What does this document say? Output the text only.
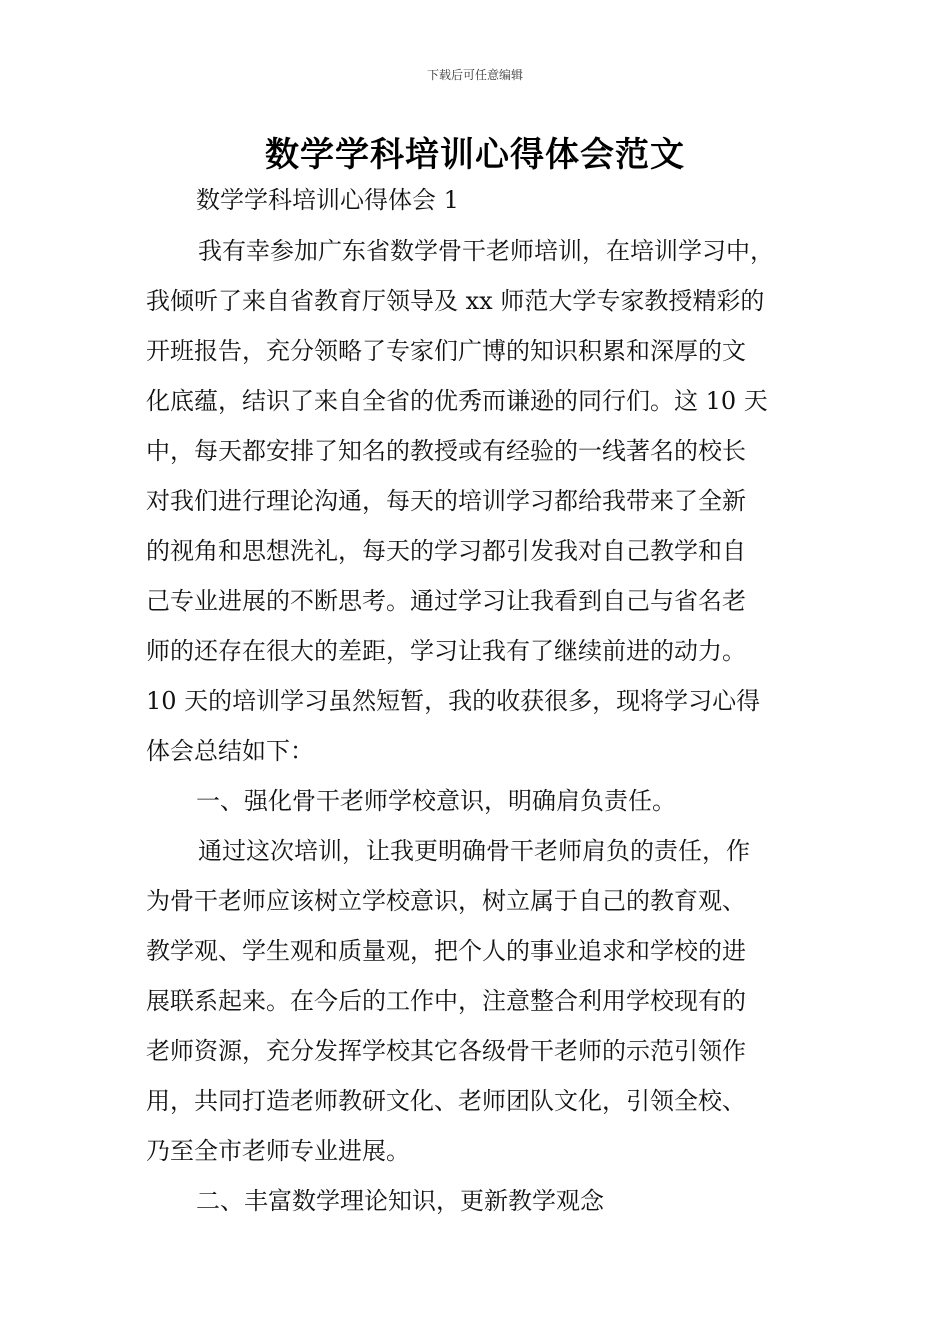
下载后可任意编辑
数学学科培训心得体会范文
数学学科培训心得体会 1
我有幸参加广东省数学骨干老师培训，在培训学习中，
我倾听了来自省教育厅领导及 xx 师范大学专家教授精彩的
开班报告，充分领略了专家们广博的知识积累和深厚的文
化底蕴，结识了来自全省的优秀而谦逊的同行们。这 10 天
中，每天都安排了知名的教授或有经验的一线著名的校长
对我们进行理论沟通，每天的培训学习都给我带来了全新
的视角和思想洗礼，每天的学习都引发我对自己教学和自
己专业进展的不断思考。通过学习让我看到自己与省名老
师的还存在很大的差距，学习让我有了继续前进的动力。
10 天的培训学习虽然短暂，我的收获很多，现将学习心得
体会总结如下：
一、强化骨干老师学校意识，明确肩负责任。
通过这次培训，让我更明确骨干老师肩负的责任，作
为骨干老师应该树立学校意识，树立属于自己的教育观、
教学观、学生观和质量观，把个人的事业追求和学校的进
展联系起来。在今后的工作中，注意整合利用学校现有的
老师资源，充分发挥学校其它各级骨干老师的示范引领作
用，共同打造老师教研文化、老师团队文化，引领全校、
乃至全市老师专业进展。
二、丰富数学理论知识，更新教学观念
